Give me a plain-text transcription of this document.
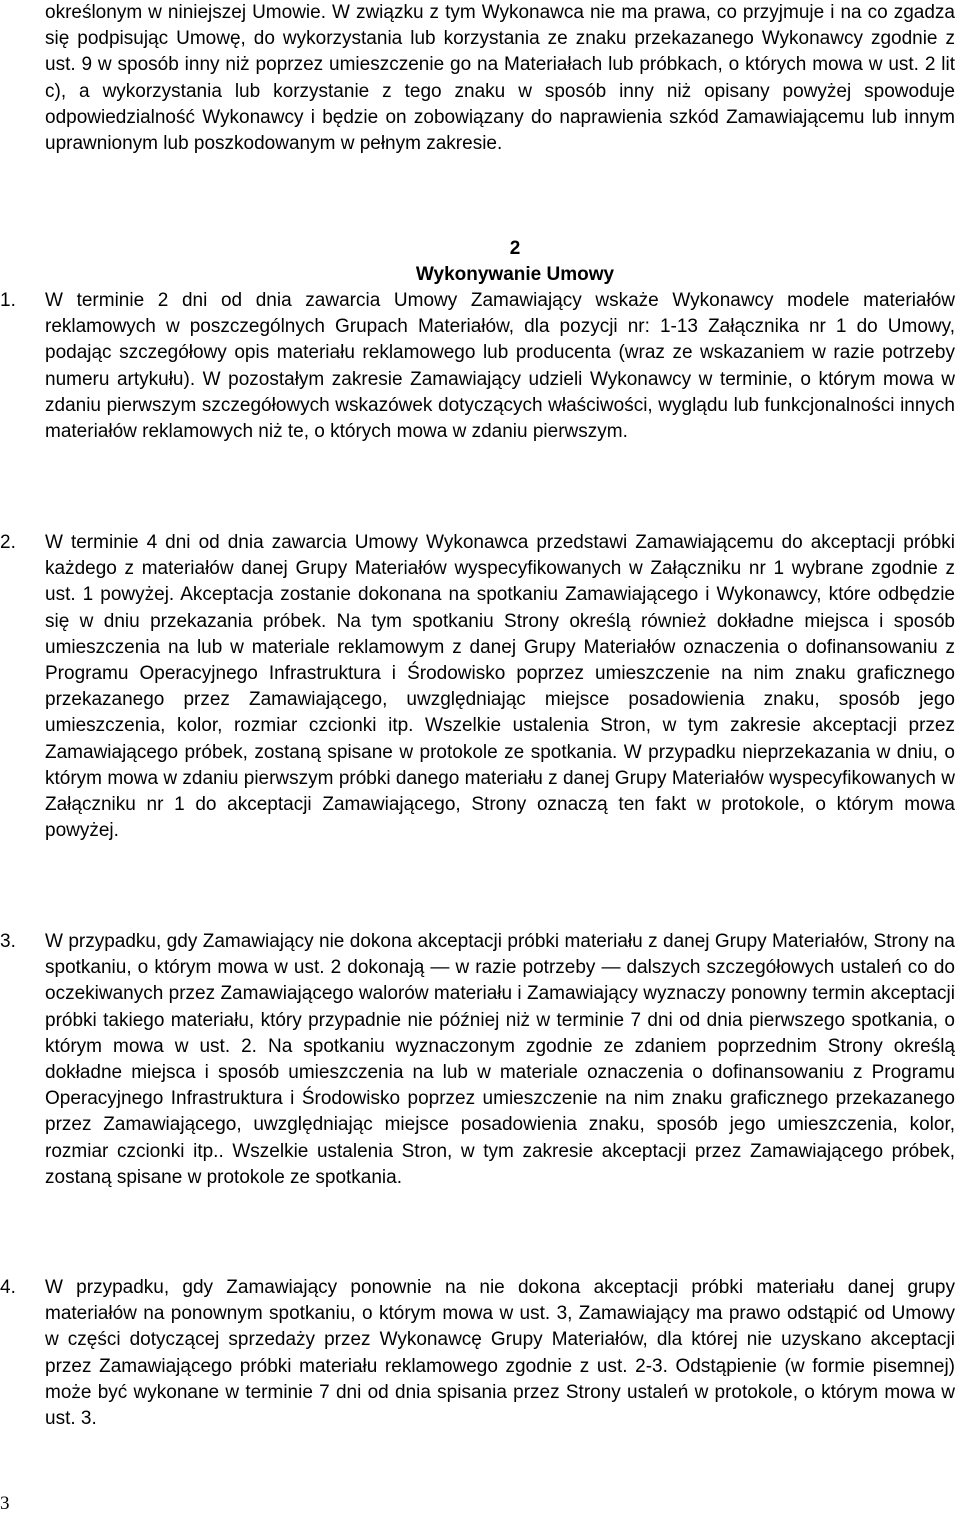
określonym w niniejszej Umowie. W związku z tym Wykonawca nie ma prawa, co przyjmuje i na co zgadza się podpisując Umowę, do wykorzystania lub korzystania ze znaku przekazanego Wykonawcy zgodnie z ust. 9 w sposób inny niż poprzez umieszczenie go na Materiałach lub próbkach, o których mowa w ust. 2 lit c), a wykorzystania lub korzystanie z tego znaku w sposób inny niż opisany powyżej spowoduje odpowiedzialność Wykonawcy i będzie on zobowiązany do naprawienia szkód Zamawiającemu lub innym uprawnionym lub poszkodowanym w pełnym zakresie.

2
Wykonywanie Umowy
1. W terminie 2 dni od dnia zawarcia Umowy Zamawiający wskaże Wykonawcy modele materiałów reklamowych w poszczególnych Grupach Materiałów, dla pozycji nr: 1-13 Załącznika nr 1 do Umowy, podając szczegółowy opis materiału reklamowego lub producenta (wraz ze wskazaniem w razie potrzeby numeru artykułu). W pozostałym zakresie Zamawiający udzieli Wykonawcy w terminie, o którym mowa w zdaniu pierwszym szczegółowych wskazówek dotyczących właściwości, wyglądu lub funkcjonalności innych materiałów reklamowych niż te, o których mowa w zdaniu pierwszym.

2. W terminie 4 dni od dnia zawarcia Umowy Wykonawca przedstawi Zamawiającemu do akceptacji próbki każdego z materiałów danej Grupy Materiałów wyspecyfikowanych w Załączniku nr 1 wybrane zgodnie z ust. 1 powyżej. Akceptacja zostanie dokonana na spotkaniu Zamawiającego i Wykonawcy, które odbędzie się w dniu przekazania próbek. Na tym spotkaniu Strony określą również dokładne miejsca i sposób umieszczenia na lub w materiale reklamowym z danej Grupy Materiałów oznaczenia o dofinansowaniu z Programu Operacyjnego Infrastruktura i Środowisko poprzez umieszczenie na nim znaku graficznego przekazanego przez Zamawiającego, uwzględniając miejsce posadowienia znaku, sposób jego umieszczenia, kolor, rozmiar czcionki itp. Wszelkie ustalenia Stron, w tym zakresie akceptacji przez Zamawiającego próbek, zostaną spisane w protokole ze spotkania. W przypadku nieprzekazania w dniu, o którym mowa w zdaniu pierwszym próbki danego materiału z danej Grupy Materiałów wyspecyfikowanych w Załączniku nr 1 do akceptacji Zamawiającego, Strony oznaczą ten fakt w protokole, o którym mowa powyżej.

3. W przypadku, gdy Zamawiający nie dokona akceptacji próbki materiału z danej Grupy Materiałów, Strony na spotkaniu, o którym mowa w ust. 2 dokonają — w razie potrzeby — dalszych szczegółowych ustaleń co do oczekiwanych przez Zamawiającego walorów materiału i Zamawiający wyznaczy ponowny termin akceptacji próbki takiego materiału, który przypadnie nie później niż w terminie 7 dni od dnia pierwszego spotkania, o którym mowa w ust. 2. Na spotkaniu wyznaczonym zgodnie ze zdaniem poprzednim Strony określą dokładne miejsca i sposób umieszczenia na lub w materiale oznaczenia o dofinansowaniu z Programu Operacyjnego Infrastruktura i Środowisko poprzez umieszczenie na nim znaku graficznego przekazanego przez Zamawiającego, uwzględniając miejsce posadowienia znaku, sposób jego umieszczenia, kolor, rozmiar czcionki itp.. Wszelkie ustalenia Stron, w tym zakresie akceptacji przez Zamawiającego próbek, zostaną spisane w protokole ze spotkania.

4. W przypadku, gdy Zamawiający ponownie na nie dokona akceptacji próbki materiału danej grupy materiałów na ponownym spotkaniu, o którym mowa w ust. 3, Zamawiający ma prawo odstąpić od Umowy w części dotyczącej sprzedaży przez Wykonawcę Grupy Materiałów, dla której nie uzyskano akceptacji przez Zamawiającego próbki materiału reklamowego zgodnie z ust. 2-3. Odstąpienie (w formie pisemnej) może być wykonane w terminie 7 dni od dnia spisania przez Strony ustaleń w protokole, o którym mowa w ust. 3.

3
